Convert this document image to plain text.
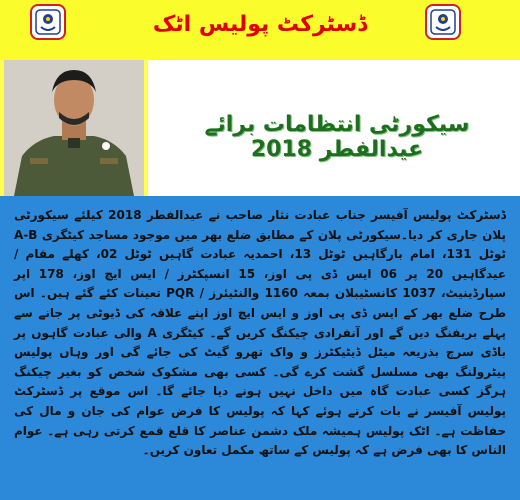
ڈسٹرکٹ پولیس اٹک
سیکورٹی انتظامات برائے عیدالفطر 2018
ڈسٹرکٹ پولیس آفیسر جناب عبادت نثار صاحب نے عیدالفطر 2018 کیلئے سیکورٹی پلان جاری کر دیا۔سیکورٹی پلان کے مطابق ضلع بھر میں موجود مساجد کیٹگری A-B ٹوٹل 131، امام بارگاہیں ٹوٹل 13، احمدیہ عبادت گاہیں ٹوٹل 02، کھلے مقام / عیدگاہیں 20 پر 06 ایس ڈی پی اوز، 15 انسپکٹرز / ایس ایچ اوز، 178 اپر سپارڈینیٹ، 1037 کانسٹیبلان بمعہ 1160 والنٹیئرز / PQR تعینات کئے گئے ہیں۔ اس طرح ضلع بھر کے ایس ڈی پی اوز و ایس ایچ اوز اپنے علاقہ کی ڈیوٹی پر جانے سے پہلے بریفنگ دیں گے اور آنفرادی چیکنگ کریں گے۔ کیٹگری A والی عبادت گاہوں پر باڈی سرچ بذریعہ میٹل ڈیٹیکٹرز و واک تھرو گیٹ کی جائے گی اور وہاں پولیس پیٹرولنگ بھی مسلسل گشت کرے گی۔ کسی بھی مشکوک شخص کو بغیر چیکنگ ہرگز کسی عبادت گاہ میں داخل نہیں ہونے دیا جائے گا۔ اس موقع پر ڈسٹرکٹ پولیس آفیسر نے بات کرتے ہوئے کہا کہ پولیس کا فرض عوام کی جان و مال کی حفاظت ہے۔ اٹک پولیس ہمیشہ ملک دشمن عناصر کا قلع قمع کرتی رہی ہے۔ عوام الناس کا بھی فرض ہے کہ پولیس کے ساتھ مکمل تعاون کریں۔
